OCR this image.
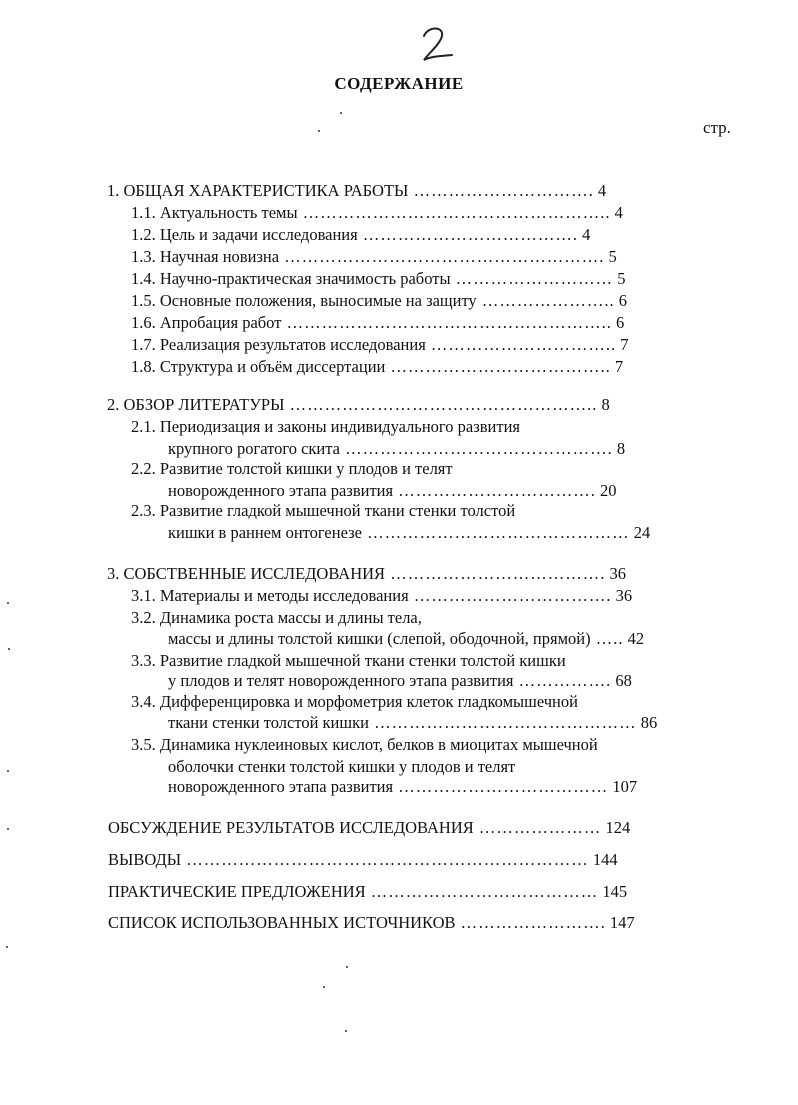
СОДЕРЖАНИЕ
стр.
1. ОБЩАЯ ХАРАКТЕРИСТИКА РАБОТЫ …………………………. 4
1.1. Актуальность темы …………………………………………….. 4
1.2. Цель и задачи исследования ………………………………. 4
1.3. Научная новизна ………………………………………………. 5
1.4. Научно-практическая значимость работы ……………………… 5
1.5. Основные положения, выносимые на защиту ………………….. 6
1.6. Апробация работ ……………………………………………….. 6
1.7. Реализация результатов исследования ………………………….. 7
1.8. Структура и объём диссертации ……………………………….. 7
2. ОБЗОР ЛИТЕРАТУРЫ …………………………………………….. 8
2.1. Периодизация и законы индивидуального развития
крупного рогатого скита ………………………………………. 8
2.2. Развитие толстой кишки у плодов и телят
новорожденного этапа развития ……………………………. 20
2.3. Развитие гладкой мышечной ткани стенки толстой
кишки в раннем онтогенезе ……………………………………… 24
3. СОБСТВЕННЫЕ ИССЛЕДОВАНИЯ ………………………………. 36
3.1. Материалы и методы исследования ……………………………. 36
3.2. Динамика роста массы и длины тела,
массы и длины толстой кишки (слепой, ободочной, прямой) ….. 42
3.3. Развитие гладкой мышечной ткани стенки толстой кишки
у плодов и телят новорожденного этапа развития ……………. 68
3.4. Дифференцировка и морфометрия клеток гладкомышечной
ткани стенки толстой кишки ……………………………………… 86
3.5. Динамика нуклеиновых кислот, белков в миоцитах мышечной
оболочки стенки толстой кишки у плодов и телят
новорожденного этапа развития ……………………………… 107
ОБСУЖДЕНИЕ РЕЗУЛЬТАТОВ ИССЛЕДОВАНИЯ ………………… 124
ВЫВОДЫ …………………………………………………………… 144
ПРАКТИЧЕСКИЕ ПРЕДЛОЖЕНИЯ ………………………………… 145
СПИСОК ИСПОЛЬЗОВАННЫХ ИСТОЧНИКОВ ……………………. 147
